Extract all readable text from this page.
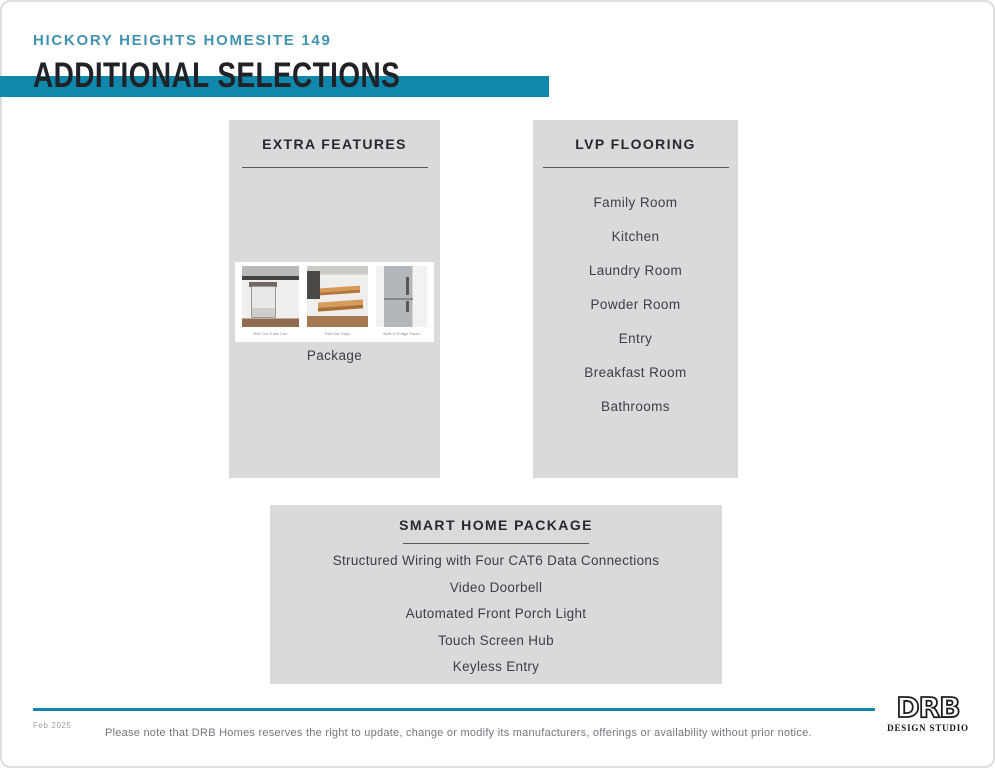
HICKORY HEIGHTS HOMESITE 149
ADDITIONAL SELECTIONS
EXTRA FEATURES
Package
Roll Out Trash Can	Roll Out Trays	Built-In Fridge Panel
LVP FLOORING
Family Room
Kitchen
Laundry Room
Powder Room
Entry
Breakfast Room
Bathrooms
SMART HOME PACKAGE
Structured Wiring with Four CAT6 Data Connections
Video Doorbell
Automated Front Porch Light
Touch Screen Hub
Keyless Entry
Feb 2025
Please note that DRB Homes reserves the right to update, change or modify its manufacturers, offerings or availability without prior notice.
DRB
DESIGN STUDIO
